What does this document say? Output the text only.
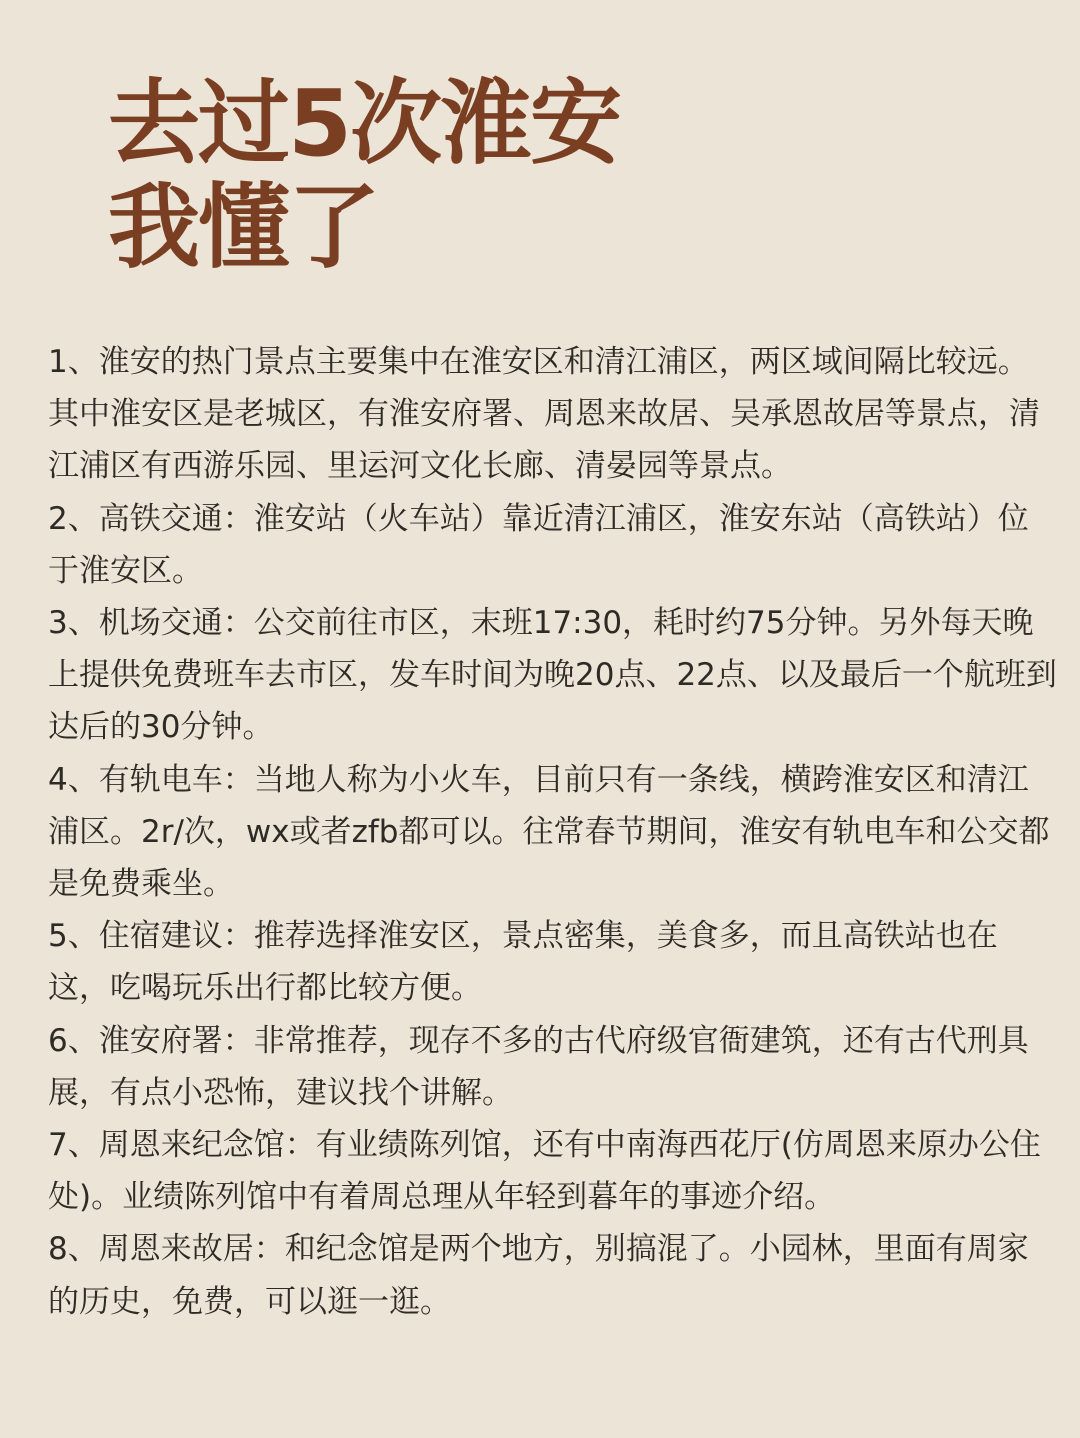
去过5次淮安
我懂了

1、淮安的热门景点主要集中在淮安区和清江浦区，两区域间隔比较远。其中淮安区是老城区，有淮安府署、周恩来故居、吴承恩故居等景点，清江浦区有西游乐园、里运河文化长廊、清晏园等景点。

2、高铁交通：淮安站（火车站）靠近清江浦区，淮安东站（高铁站）位于淮安区。

3、机场交通：公交前往市区，末班17:30，耗时约75分钟。另外每天晚上提供免费班车去市区，发车时间为晚20点、22点、以及最后一个航班到达后的30分钟。

4、有轨电车：当地人称为小火车，目前只有一条线，横跨淮安区和清江浦区。2r/次，wx或者zfb都可以。往常春节期间，淮安有轨电车和公交都是免费乘坐。

5、住宿建议：推荐选择淮安区，景点密集，美食多，而且高铁站也在这，吃喝玩乐出行都比较方便。

6、淮安府署：非常推荐，现存不多的古代府级官衙建筑，还有古代刑具展，有点小恐怖，建议找个讲解。

7、周恩来纪念馆：有业绩陈列馆，还有中南海西花厅(仿周恩来原办公住处)。业绩陈列馆中有着周总理从年轻到暮年的事迹介绍。

8、周恩来故居：和纪念馆是两个地方，别搞混了。小园林，里面有周家的历史，免费，可以逛一逛。
